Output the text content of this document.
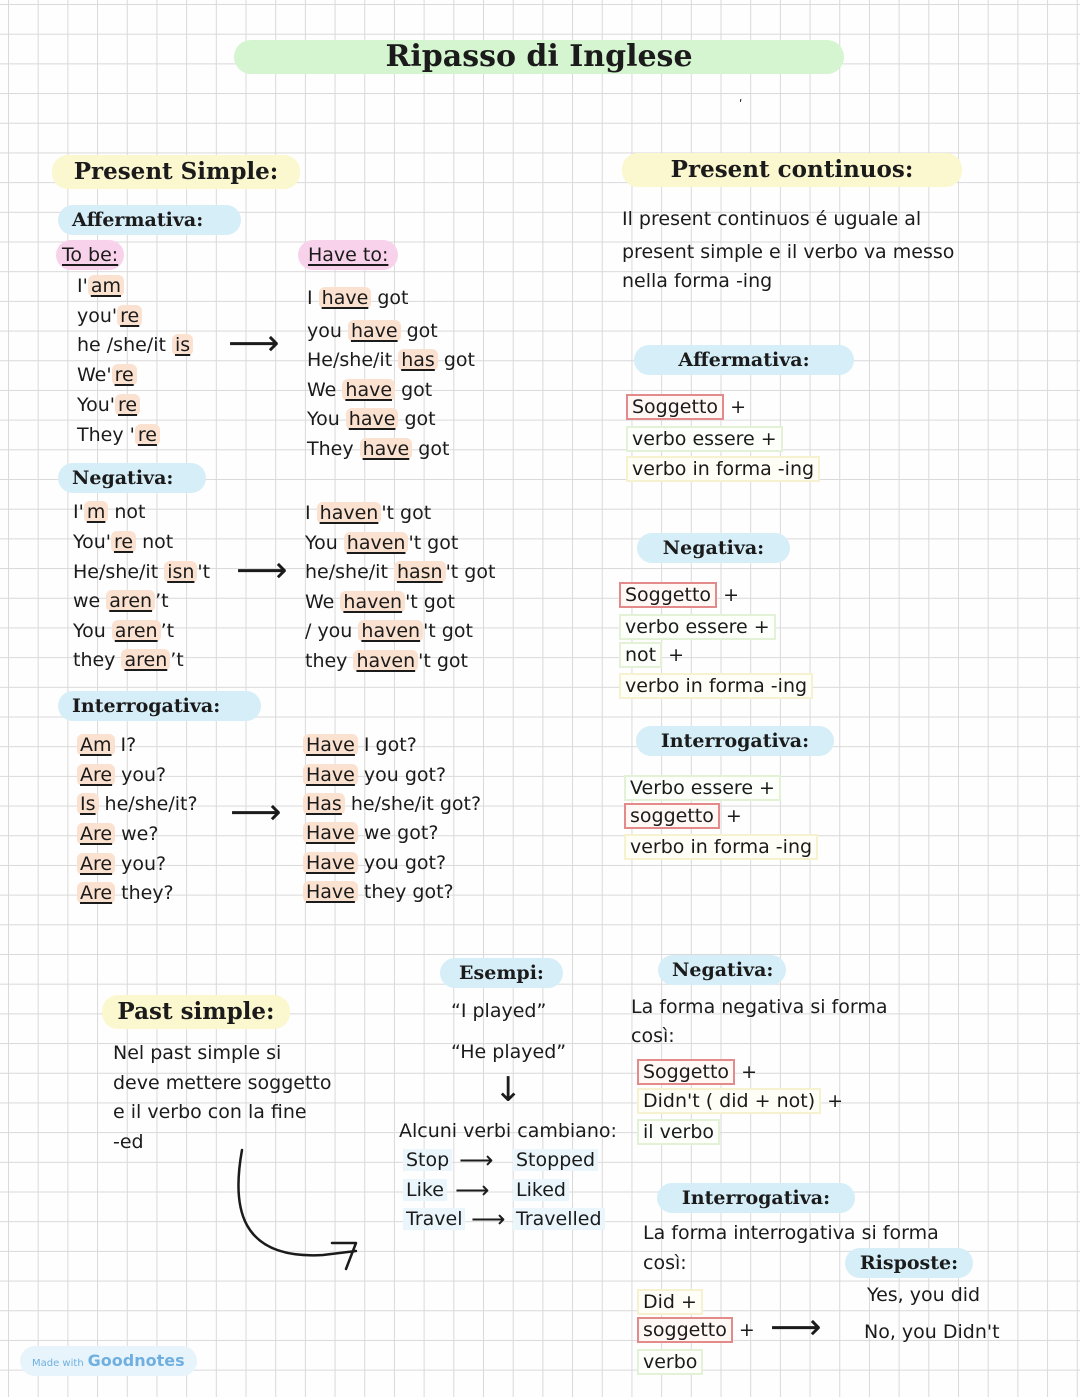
Ripasso di Inglese
ʹ
Present Simple:
Affermativa:
To be:	Have to:
I' am
you' re
he /she/it is
We' re
You' re
They ' re
I have got
you have got
He/she/it has got
We have got
You have got
They have got
⟶
Negativa:
I' m not
You' re not
He/she/it isn 't
we aren ’t
You aren ’t
they aren ’t
I haven 't got
You haven 't got
he/she/it hasn 't got
We haven 't got
/ you haven 't got
they haven 't got
⟶
Interrogativa:
Am I?
Are you?
Is he/she/it?
Are we?
Are you?
Are they?
Have I got?
Have you got?
Has he/she/it got?
Have we got?
Have you got?
Have they got?
⟶
Present continuos:
Il present continuos é uguale al
present simple e il verbo va messo
nella forma -ing
Affermativa:
Soggetto +
verbo essere +
verbo in forma -ing
Negativa:
Soggetto +
verbo essere +
not +
verbo in forma -ing
Interrogativa:
Verbo essere +
soggetto +
verbo in forma -ing
Past simple:
Nel past simple si
deve mettere soggetto
e il verbo con la fine
-ed
Esempi:
“I played”
“He played”
↓
Alcuni verbi cambiano:
Stop ⟶ Stopped
Like ⟶ Liked
Travel ⟶ Travelled
Negativa:
La forma negativa si forma
così:
Soggetto +
Didn't ( did + not) +
il verbo
Interrogativa:
La forma interrogativa si forma
così:
Did +
soggetto +
verbo
⟶
Risposte:
Yes, you did
No, you Didn't
Made with Goodnotes
